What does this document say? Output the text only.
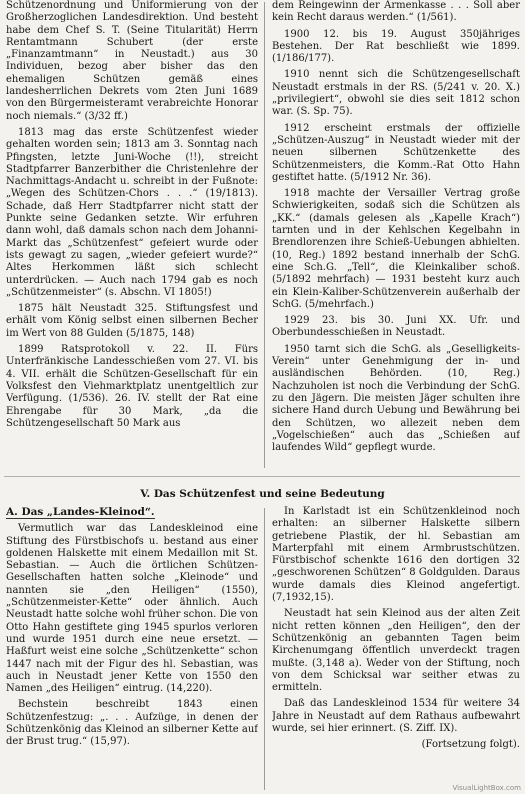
Schützenordnung und Uniformierung von der Großherzoglichen Landesdirektion. Und besteht habe dem Chef S. T. (Seine Titularität) Herrn Rentamtmann Schubert (der erste „Finanzamtmann“ in Neustadt.) aus 30 Individuen, bezog aber bisher das den ehemaligen Schützen gemäß eines landesherrlichen Dekrets vom 2ten Juni 1689 von den Bürgermeisteramt verabreichte Honorar noch niemals.“ (3/32 ff.)

1813 mag das erste Schützenfest wieder gehalten worden sein; 1813 am 3. Sonntag nach Pfingsten, letzte Juni-Woche (!!), streicht Stadtpfarrer Banzerbither die Christenlehre der Nachmittags-Andacht u. schreibt in der Fußnote: „Wegen des Schützen-Chors . . .“ (19/1813). Schade, daß Herr Stadtpfarrer nicht statt der Punkte seine Gedanken setzte. Wir erfuhren dann wohl, daß damals schon nach dem Johanni-Markt das „Schützenfest“ gefeiert wurde oder ists gewagt zu sagen, „wieder gefeiert wurde?“ Altes Herkommen läßt sich schlecht unterdrücken. — Auch nach 1794 gab es noch „Schützenmeister“ (s. Abschn. VI 1805!)

1875 hält Neustadt 325. Stiftungsfest und erhält vom König selbst einen silbernen Becher im Wert von 88 Gulden (5/1875, 148)

1899 Ratsprotokoll v. 22. II. Fürs Unterfränkische Landesschießen vom 27. VI. bis 4. VII. erhält die Schützen-Gesellschaft für ein Volksfest den Viehmarktplatz unentgeltlich zur Verfügung. (1/536). 26. IV. stellt der Rat eine Ehrengabe für 30 Mark, „da die Schützengesellschaft 50 Mark aus

dem Reingewinn der Armenkasse . . . Soll aber kein Recht daraus werden.“ (1/561).

1900 12. bis 19. August 350jähriges Bestehen. Der Rat beschließt wie 1899. (1/186/177).

1910 nennt sich die Schützengesellschaft Neustadt erstmals in der RS. (5/241 v. 20. X.) „privilegiert“, obwohl sie dies seit 1812 schon war. (S. Sp. 75).

1912 erscheint erstmals der offizielle „Schützen-Auszug“ in Neustadt wieder mit der neuen silbernen Schützenkette des Schützenmeisters, die Komm.-Rat Otto Hahn gestiftet hatte. (5/1912 Nr. 36).

1918 machte der Versailler Vertrag große Schwierigkeiten, sodaß sich die Schützen als „KK.“ (damals gelesen als „Kapelle Krach“) tarnten und in der Kehlschen Kegelbahn in Brendlorenzen ihre Schieß-Uebungen abhielten. (10, Reg.) 1892 bestand innerhalb der SchG. eine Sch.G. „Tell“, die Kleinkaliber schoß. (5/1892 mehrfach) — 1931 besteht kurz auch ein Klein-Kaliber-Schützenverein außerhalb der SchG. (5/mehrfach.)

1929 23. bis 30. Juni XX. Ufr. und Oberbundesschießen in Neustadt.

1950 tarnt sich die SchG. als „Geselligkeits-Verein“ unter Genehmigung der in- und ausländischen Behörden. (10, Reg.) Nachzuholen ist noch die Verbindung der SchG. zu den Jägern. Die meisten Jäger schulten ihre sichere Hand durch Uebung und Bewährung bei den Schützen, wo allezeit neben dem „Vogelschießen“ auch das „Schießen auf laufendes Wild“ gepflegt wurde.

V. Das Schützenfest und seine Bedeutung
A. Das „Landes-Kleinod“.

Vermutlich war das Landeskleinod eine Stiftung des Fürstbischofs u. bestand aus einer goldenen Halskette mit einem Medaillon mit St. Sebastian. — Auch die örtlichen Schützen-Gesellschaften hatten solche „Kleinode“ und nannten sie „den Heiligen“ (1550), „Schützenmeister-Kette“ oder ähnlich. Auch Neustadt hatte solche wohl früher schon. Die von Otto Hahn gestiftete ging 1945 spurlos verloren und wurde 1951 durch eine neue ersetzt. — Haßfurt weist eine solche „Schützenkette“ schon 1447 nach mit der Figur des hl. Sebastian, was auch in Neustadt jener Kette von 1550 den Namen „des Heiligen“ eintrug. (14,220).

Bechstein beschreibt 1843 einen Schützenfestzug: „. . . Aufzüge, in denen der Schützenkönig das Kleinod an silberner Kette auf der Brust trug.“ (15,97).

In Karlstadt ist ein Schützenkleinod noch erhalten: an silberner Halskette silbern getriebene Plastik, der hl. Sebastian am Marterpfahl mit einem Armbrustschützen. Fürstbischof schenkte 1616 den dortigen 32 „geschworenen Schützen“ 8 Goldgulden. Daraus wurde damals dies Kleinod angefertigt. (7,1932,15).

Neustadt hat sein Kleinod aus der alten Zeit nicht retten können „den Heiligen“, den der Schützenkönig an gebannten Tagen beim Kirchenumgang öffentlich unverdeckt tragen mußte. (3,148 a). Weder von der Stiftung, noch von dem Schicksal war seither etwas zu ermitteln.

Daß das Landeskleinod 1534 für weitere 34 Jahre in Neustadt auf dem Rathaus aufbewahrt wurde, sei hier erinnert. (S. Ziff. IX).

(Fortsetzung folgt).

VisualLightBox.com
